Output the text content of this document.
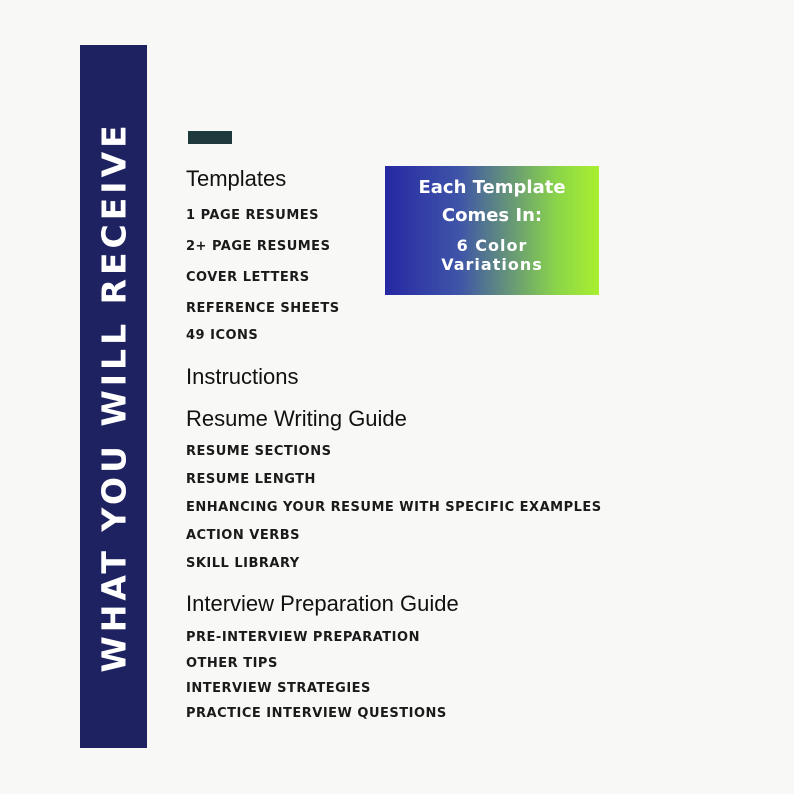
WHAT YOU WILL RECEIVE Templates
1 PAGE RESUMES
2+ PAGE RESUMES
COVER LETTERS
REFERENCE SHEETS
49 ICONS
Instructions
Resume Writing Guide
RESUME SECTIONS
RESUME LENGTH
ENHANCING YOUR RESUME WITH SPECIFIC EXAMPLES
ACTION VERBS
SKILL LIBRARY
Interview Preparation Guide
PRE-INTERVIEW PREPARATION
OTHER TIPS
INTERVIEW STRATEGIES
PRACTICE INTERVIEW QUESTIONS
Each Template
Comes In:
6 Color
Variations
